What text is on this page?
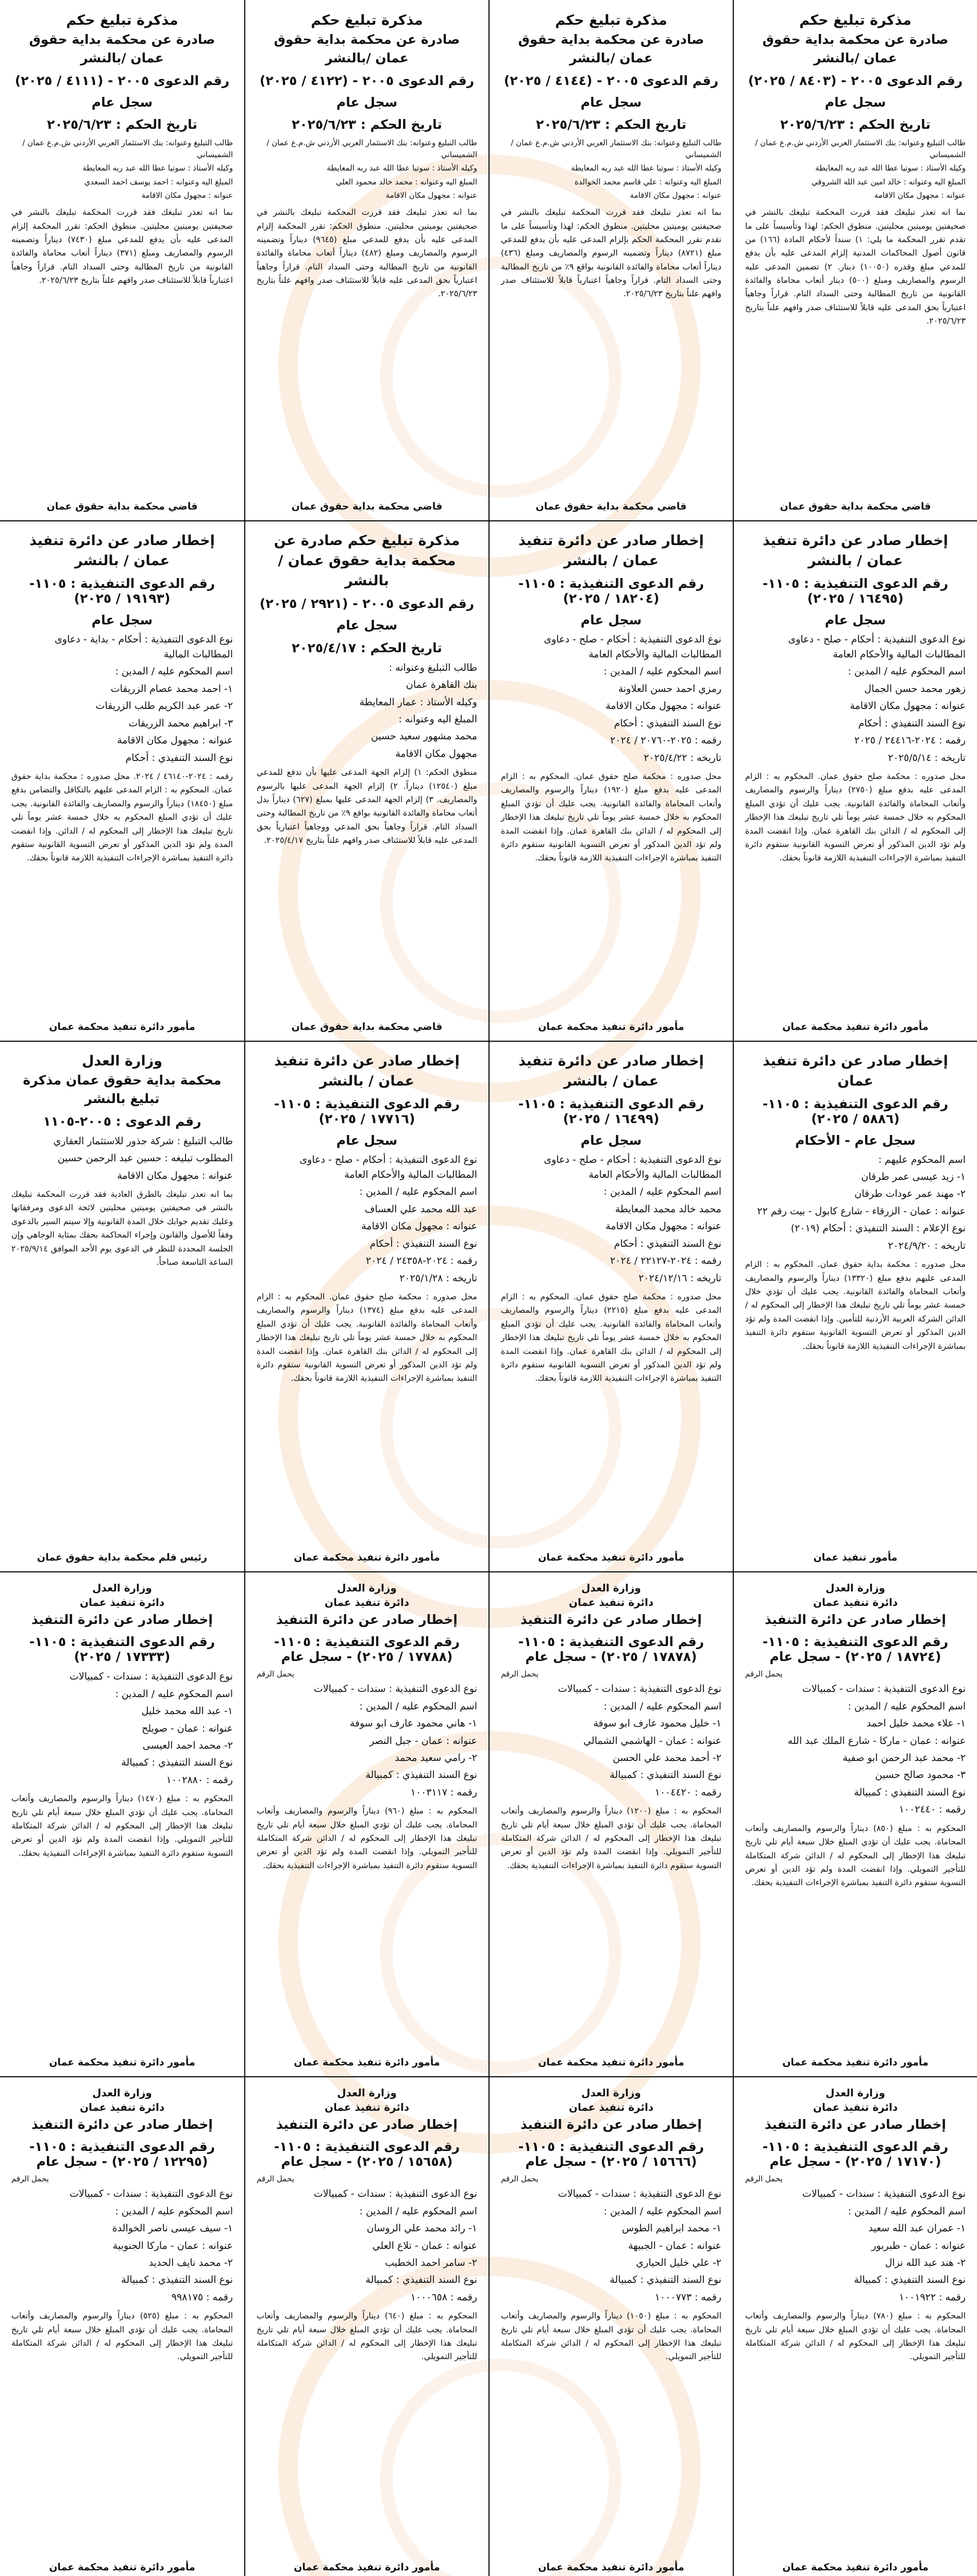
مذكرة تبليغ حكم
صادرة عن محكمة بداية حقوق عمان /بالنشر
رقم الدعوى ٢٠٠٥ - (٨٤٠٣ / ٢٠٢٥)
سجل عام
تاريخ الحكم : ٢٠٢٥/٦/٢٣
طالب التبليغ وعنوانه: بنك الاستثمار العربي الأردني ش.م.ع عمان / الشميساني
وكيله الأستاذ : سوتيا عطا الله عبد ربه المعايطة
المبلغ اليه وعنوانه : خالد امين عبد الله الشروقي
عنوانه : مجهول مكان الاقامة
بما انه تعذر تبليغك فقد قررت المحكمة تبليغك بالنشر في صحيفتين يوميتين محليتين. منطوق الحكم: لهذا وتأسيساً على ما تقدم تقرر المحكمة ما يلي: ١) سنداً لأحكام المادة (١٦٦) من قانون أصول المحاكمات المدنية إلزام المدعى عليه بأن يدفع للمدعي مبلغ وقدره (١٠٠٥٠) دينار. ٢) تضمين المدعى عليه الرسوم والمصاريف ومبلغ (٥٠٠) دينار أتعاب محاماة والفائدة القانونية من تاريخ المطالبة وحتى السداد التام. قراراً وجاهياً اعتبارياً بحق المدعى عليه قابلاً للاستئناف صدر وافهم علناً بتاريخ ٢٠٢٥/٦/٢٣.
قاضي محكمة بداية حقوق عمان
مذكرة تبليغ حكم
صادرة عن محكمة بداية حقوق عمان /بالنشر
رقم الدعوى ٢٠٠٥ - (٤١٤٤ / ٢٠٢٥)
سجل عام
تاريخ الحكم : ٢٠٢٥/٦/٢٣
طالب التبليغ وعنوانه: بنك الاستثمار العربي الأردني ش.م.ع عمان / الشميساني
وكيله الأستاذ : سوتيا عطا الله عبد ربه المعايطة
المبلغ اليه وعنوانه : علي قاسم محمد الخوالدة
عنوانه : مجهول مكان الاقامة
بما انه تعذر تبليغك فقد قررت المحكمة تبليغك بالنشر في صحيفتين يوميتين محليتين. منطوق الحكم: لهذا وتأسيساً على ما تقدم تقرر المحكمة الحكم بإلزام المدعى عليه بأن يدفع للمدعي مبلغ (٨٧٢١) ديناراً وتضمينه الرسوم والمصاريف ومبلغ (٤٣٦) ديناراً أتعاب محاماة والفائدة القانونية بواقع ٩٪ من تاريخ المطالبة وحتى السداد التام. قراراً وجاهياً اعتبارياً قابلاً للاستئناف صدر وافهم علناً بتاريخ ٢٠٢٥/٦/٢٣.
قاضي محكمة بداية حقوق عمان
مذكرة تبليغ حكم
صادرة عن محكمة بداية حقوق عمان /بالنشر
رقم الدعوى ٢٠٠٥ - (٤١٢٢ / ٢٠٢٥)
سجل عام
تاريخ الحكم : ٢٠٢٥/٦/٢٣
طالب التبليغ وعنوانه: بنك الاستثمار العربي الأردني ش.م.ع عمان / الشميساني
وكيله الأستاذ : سوتيا عطا الله عبد ربه المعايطة
المبلغ اليه وعنوانه : محمد خالد محمود العلي
عنوانه : مجهول مكان الاقامة
بما انه تعذر تبليغك فقد قررت المحكمة تبليغك بالنشر في صحيفتين يوميتين محليتين. منطوق الحكم: تقرر المحكمة إلزام المدعى عليه بأن يدفع للمدعي مبلغ (٩٦٤٥) ديناراً وتضمينه الرسوم والمصاريف ومبلغ (٤٨٢) ديناراً أتعاب محاماة والفائدة القانونية من تاريخ المطالبة وحتى السداد التام. قراراً وجاهياً اعتبارياً بحق المدعى عليه قابلاً للاستئناف صدر وافهم علناً بتاريخ ٢٠٢٥/٦/٢٣.
قاضي محكمة بداية حقوق عمان
مذكرة تبليغ حكم
صادرة عن محكمة بداية حقوق عمان /بالنشر
رقم الدعوى ٢٠٠٥ - (٤١١١ / ٢٠٢٥)
سجل عام
تاريخ الحكم : ٢٠٢٥/٦/٢٣
طالب التبليغ وعنوانه: بنك الاستثمار العربي الأردني ش.م.ع عمان / الشميساني
وكيله الأستاذ : سوتيا عطا الله عبد ربه المعايطة
المبلغ اليه وعنوانه : احمد يوسف احمد السعدي
عنوانه : مجهول مكان الاقامة
بما انه تعذر تبليغك فقد قررت المحكمة تبليغك بالنشر في صحيفتين يوميتين محليتين. منطوق الحكم: تقرر المحكمة إلزام المدعى عليه بأن يدفع للمدعي مبلغ (٧٤٣٠) ديناراً وتضمينه الرسوم والمصاريف ومبلغ (٣٧١) ديناراً أتعاب محاماة والفائدة القانونية من تاريخ المطالبة وحتى السداد التام. قراراً وجاهياً اعتبارياً قابلاً للاستئناف صدر وافهم علناً بتاريخ ٢٠٢٥/٦/٢٣.
قاضي محكمة بداية حقوق عمان
إخطار صادر عن دائرة تنفيذ عمان / بالنشر
رقم الدعوى التنفيذية : ١١٠٥-(١٦٤٩٥ / ٢٠٢٥)
سجل عام
نوع الدعوى التنفيذية : أحكام - صلح - دعاوى المطالبات المالية والأحكام العامة
اسم المحكوم عليه / المدين :
زهور محمد حسن الجمال
عنوانه : مجهول مكان الاقامة
نوع السند التنفيذي : أحكام
رقمه : ٢٠٢٤-٢٤٤١٦ / ٢٠٢٥
تاريخه : ٢٠٢٥/٥/١٤
محل صدوره : محكمة صلح حقوق عمان. المحكوم به : الزام المدعى عليه بدفع مبلغ (٢٧٥٠) ديناراً والرسوم والمصاريف وأتعاب المحاماة والفائدة القانونية. يجب عليك أن تؤدي المبلغ المحكوم به خلال خمسة عشر يوماً تلي تاريخ تبليغك هذا الإخطار إلى المحكوم له / الدائن بنك القاهرة عمان. وإذا انقضت المدة ولم تؤد الدين المذكور أو تعرض التسوية القانونية ستقوم دائرة التنفيذ بمباشرة الإجراءات التنفيذية اللازمة قانوناً بحقك.
مأمور دائرة تنفيذ محكمة عمان
إخطار صادر عن دائرة تنفيذ عمان / بالنشر
رقم الدعوى التنفيذية : ١١٠٥-(١٨٢٠٤ / ٢٠٢٥)
سجل عام
نوع الدعوى التنفيذية : أحكام - صلح - دعاوى المطالبات المالية والأحكام العامة
اسم المحكوم عليه / المدين :
رمزي احمد حسن العلاونة
عنوانه : مجهول مكان الاقامة
نوع السند التنفيذي : أحكام
رقمه : ٢٠٢٥-٢٠٧٦٠ / ٢٠٢٤
تاريخه : ٢٠٢٥/٤/٢٢
محل صدوره : محكمة صلح حقوق عمان. المحكوم به : الزام المدعى عليه بدفع مبلغ (١٩٢٠) ديناراً والرسوم والمصاريف وأتعاب المحاماة والفائدة القانونية. يجب عليك أن تؤدي المبلغ المحكوم به خلال خمسة عشر يوماً تلي تاريخ تبليغك هذا الإخطار إلى المحكوم له / الدائن بنك القاهرة عمان. وإذا انقضت المدة ولم تؤد الدين المذكور أو تعرض التسوية القانونية ستقوم دائرة التنفيذ بمباشرة الإجراءات التنفيذية اللازمة قانوناً بحقك.
مأمور دائرة تنفيذ محكمة عمان
مذكرة تبليغ حكم صادرة عن محكمة بداية حقوق عمان /بالنشر
رقم الدعوى ٢٠٠٥ - (٢٩٢١ / ٢٠٢٥)
سجل عام
تاريخ الحكم : ٢٠٢٥/٤/١٧
طالب التبليغ وعنوانه :
بنك القاهرة عمان
وكيله الأستاذ : عمار المعايطة
المبلغ اليه وعنوانه :
محمد مشهور سعيد حسين
مجهول مكان الاقامة
منطوق الحكم: ١) إلزام الجهة المدعى عليها بأن تدفع للمدعي مبلغ (١٢٥٤٠) ديناراً. ٢) إلزام الجهة المدعى عليها بالرسوم والمصاريف. ٣) إلزام الجهة المدعى عليها بمبلغ (٦٢٧) ديناراً بدل أتعاب محاماة والفائدة القانونية بواقع ٩٪ من تاريخ المطالبة وحتى السداد التام. قراراً وجاهياً بحق المدعي ووجاهياً اعتبارياً بحق المدعى عليه قابلاً للاستئناف صدر وافهم علناً بتاريخ ٢٠٢٥/٤/١٧.
قاضي محكمة بداية حقوق عمان
إخطار صادر عن دائرة تنفيذ عمان / بالنشر
رقم الدعوى التنفيذية : ١١٠٥-(١٩١٩٣ / ٢٠٢٥)
سجل عام
نوع الدعوى التنفيذية : أحكام - بداية - دعاوى المطالبات المالية
اسم المحكوم عليه / المدين :
١- احمد محمد عصام الزريقات
٢- عمر عبد الكريم طلب الزريقات
٣- ابراهيم محمد الزريقات
عنوانه : مجهول مكان الاقامة
نوع السند التنفيذي : أحكام
رقمه : ٢٠٢٤-٤٦١٤٠ / ٢٠٢٤. محل صدوره : محكمة بداية حقوق عمان. المحكوم به : الزام المدعى عليهم بالتكافل والتضامن بدفع مبلغ (١٨٤٥٠) ديناراً والرسوم والمصاريف والفائدة القانونية. يجب عليك أن تؤدي المبلغ المحكوم به خلال خمسة عشر يوماً تلي تاريخ تبليغك هذا الإخطار إلى المحكوم له / الدائن. وإذا انقضت المدة ولم تؤد الدين المذكور أو تعرض التسوية القانونية ستقوم دائرة التنفيذ بمباشرة الإجراءات التنفيذية اللازمة قانوناً بحقك.
مأمور دائرة تنفيذ محكمة عمان
إخطار صادر عن دائرة تنفيذ عمان
رقم الدعوى التنفيذية : ١١٠٥-(٥٨٨٦ / ٢٠٢٥)
سجل عام - الأحكام
اسم المحكوم عليهم :
١- زيد عيسى عمر طرقان
٢- مهند عمر عودات طرقان
عنوانه : عمان - الزرقاء - شارع كابول - بيت رقم ٢٢
نوع الإعلام : السند التنفيذي : أحكام (٢٠١٩)
تاريخه : ٢٠٢٤/٩/٢٠
محل صدوره : محكمة بداية حقوق عمان. المحكوم به : الزام المدعى عليهم بدفع مبلغ (١٣٣٢٠) ديناراً والرسوم والمصاريف وأتعاب المحاماة والفائدة القانونية. يجب عليك أن تؤدي خلال خمسة عشر يوماً تلي تاريخ تبليغك هذا الإخطار إلى المحكوم له / الدائن الشركة العربية الأردنية للتأمين. وإذا انقضت المدة ولم تؤد الدين المذكور أو تعرض التسوية القانونية ستقوم دائرة التنفيذ بمباشرة الإجراءات التنفيذية اللازمة قانوناً بحقك.
مأمور تنفيذ عمان
إخطار صادر عن دائرة تنفيذ عمان / بالنشر
رقم الدعوى التنفيذية : ١١٠٥-(١٦٤٩٩ / ٢٠٢٥)
سجل عام
نوع الدعوى التنفيذية : أحكام - صلح - دعاوى المطالبات المالية والأحكام العامة
اسم المحكوم عليه / المدين :
محمد خالد محمد المعايطة
عنوانه : مجهول مكان الاقامة
نوع السند التنفيذي : أحكام
رقمه : ٢٠٢٤-٢٢١٢٧ / ٢٠٢٤
تاريخه : ٢٠٢٤/١٢/١٦
محل صدوره : محكمة صلح حقوق عمان. المحكوم به : الزام المدعى عليه بدفع مبلغ (٢٢١٥) ديناراً والرسوم والمصاريف وأتعاب المحاماة والفائدة القانونية. يجب عليك أن تؤدي المبلغ المحكوم به خلال خمسة عشر يوماً تلي تاريخ تبليغك هذا الإخطار إلى المحكوم له / الدائن بنك القاهرة عمان. وإذا انقضت المدة ولم تؤد الدين المذكور أو تعرض التسوية القانونية ستقوم دائرة التنفيذ بمباشرة الإجراءات التنفيذية اللازمة قانوناً بحقك.
مأمور دائرة تنفيذ محكمة عمان
إخطار صادر عن دائرة تنفيذ عمان / بالنشر
رقم الدعوى التنفيذية : ١١٠٥-(١٧٧١٦ / ٢٠٢٥)
سجل عام
نوع الدعوى التنفيذية : أحكام - صلح - دعاوى المطالبات المالية والأحكام العامة
اسم المحكوم عليه / المدين :
عبد الله محمد علي العساف
عنوانه : مجهول مكان الاقامة
نوع السند التنفيذي : أحكام
رقمه : ٢٠٢٤-٢٤٣٥٨ / ٢٠٢٤
تاريخه : ٢٠٢٥/١/٢٨
محل صدوره : محكمة صلح حقوق عمان. المحكوم به : الزام المدعى عليه بدفع مبلغ (١٣٧٤) ديناراً والرسوم والمصاريف وأتعاب المحاماة والفائدة القانونية. يجب عليك أن تؤدي المبلغ المحكوم به خلال خمسة عشر يوماً تلي تاريخ تبليغك هذا الإخطار إلى المحكوم له / الدائن بنك القاهرة عمان. وإذا انقضت المدة ولم تؤد الدين المذكور أو تعرض التسوية القانونية ستقوم دائرة التنفيذ بمباشرة الإجراءات التنفيذية اللازمة قانوناً بحقك.
مأمور دائرة تنفيذ محكمة عمان
وزارة العدل
محكمة بداية حقوق عمان مذكرة تبليغ بالنشر
رقم الدعوى : ٢٠٠٥-١١٠٥
طالب التبليغ : شركة جذور للاستثمار العقاري
المطلوب تبليغه : حسين عبد الرحمن حسين
عنوانه : مجهول مكان الاقامة
بما انه تعذر تبليغك بالطرق العادية فقد قررت المحكمة تبليغك بالنشر في صحيفتين يوميتين محليتين لائحة الدعوى ومرفقاتها وعليك تقديم جوابك خلال المدة القانونية وإلا سيتم السير بالدعوى وفقاً للأصول والقانون وإجراء المحاكمة بحقك بمثابة الوجاهي وإن الجلسة المحددة للنظر في الدعوى يوم الأحد الموافق ٢٠٢٥/٩/١٤ الساعة التاسعة صباحاً.
رئيس قلم محكمة بداية حقوق عمان
وزارة العدل
دائرة تنفيذ عمان
إخطار صادر عن دائرة التنفيذ
رقم الدعوى التنفيذية : ١١٠٥-(١٨٧٢٤ / ٢٠٢٥) - سجل عام
يحمل الرقم
نوع الدعوى التنفيذية : سندات - كمبيالات
اسم المحكوم عليه / المدين :
١- علاء محمد خليل احمد
عنوانه : عمان - ماركا - شارع الملك عبد الله
٢- محمد عبد الرحمن ابو صفية
٣- محمود صالح حسين
نوع السند التنفيذي : كمبيالة
رقمه : ١٠٠٢٤٤٠
المحكوم به : مبلغ (٨٥٠) ديناراً والرسوم والمصاريف وأتعاب المحاماة. يجب عليك أن تؤدي المبلغ خلال سبعة أيام تلي تاريخ تبليغك هذا الإخطار إلى المحكوم له / الدائن شركة المتكاملة للتأجير التمويلي. وإذا انقضت المدة ولم تؤد الدين أو تعرض التسوية ستقوم دائرة التنفيذ بمباشرة الإجراءات التنفيذية بحقك.
مأمور دائرة تنفيذ محكمة عمان
وزارة العدل
دائرة تنفيذ عمان
إخطار صادر عن دائرة التنفيذ
رقم الدعوى التنفيذية : ١١٠٥-(١٧٨٧٨ / ٢٠٢٥) - سجل عام
يحمل الرقم
نوع الدعوى التنفيذية : سندات - كمبيالات
اسم المحكوم عليه / المدين :
١- خليل محمود عارف ابو سوفة
عنوانه : عمان - الهاشمي الشمالي
٢- أحمد محمد علي الحسن
نوع السند التنفيذي : كمبيالة
رقمه : ١٠٠٤٤٢٠
المحكوم به : مبلغ (١٢٠٠) ديناراً والرسوم والمصاريف وأتعاب المحاماة. يجب عليك أن تؤدي المبلغ خلال سبعة أيام تلي تاريخ تبليغك هذا الإخطار إلى المحكوم له / الدائن شركة المتكاملة للتأجير التمويلي. وإذا انقضت المدة ولم تؤد الدين أو تعرض التسوية ستقوم دائرة التنفيذ بمباشرة الإجراءات التنفيذية بحقك.
مأمور دائرة تنفيذ محكمة عمان
وزارة العدل
دائرة تنفيذ عمان
إخطار صادر عن دائرة التنفيذ
رقم الدعوى التنفيذية : ١١٠٥-(١٧٧٨٨ / ٢٠٢٥) - سجل عام
يحمل الرقم
نوع الدعوى التنفيذية : سندات - كمبيالات
اسم المحكوم عليه / المدين :
١- هاني محمود عارف ابو سوفة
عنوانه : عمان - جبل النصر
٢- رامي سعيد محمد
نوع السند التنفيذي : كمبيالة
رقمه : ١٠٠٣١١٧
المحكوم به : مبلغ (٩٦٠) ديناراً والرسوم والمصاريف وأتعاب المحاماة. يجب عليك أن تؤدي المبلغ خلال سبعة أيام تلي تاريخ تبليغك هذا الإخطار إلى المحكوم له / الدائن شركة المتكاملة للتأجير التمويلي. وإذا انقضت المدة ولم تؤد الدين أو تعرض التسوية ستقوم دائرة التنفيذ بمباشرة الإجراءات التنفيذية بحقك.
مأمور دائرة تنفيذ محكمة عمان
وزارة العدل
دائرة تنفيذ عمان
إخطار صادر عن دائرة التنفيذ
رقم الدعوى التنفيذية : ١١٠٥-(١٧٣٣٣ / ٢٠٢٥)
نوع الدعوى التنفيذية : سندات - كمبيالات
اسم المحكوم عليه / المدين :
١- عبد الله محمد خليل
عنوانه : عمان - صويلح
٢- محمد احمد العيسى
نوع السند التنفيذي : كمبيالة
رقمه : ١٠٠٢٨٨٠
المحكوم به : مبلغ (١٤٧٠) ديناراً والرسوم والمصاريف وأتعاب المحاماة. يجب عليك أن تؤدي المبلغ خلال سبعة أيام تلي تاريخ تبليغك هذا الإخطار إلى المحكوم له / الدائن شركة المتكاملة للتأجير التمويلي. وإذا انقضت المدة ولم تؤد الدين أو تعرض التسوية ستقوم دائرة التنفيذ بمباشرة الإجراءات التنفيذية بحقك.
مأمور دائرة تنفيذ محكمة عمان
وزارة العدل
دائرة تنفيذ عمان
إخطار صادر عن دائرة التنفيذ
رقم الدعوى التنفيذية : ١١٠٥-(١٧١٧٠ / ٢٠٢٥) - سجل عام
يحمل الرقم
نوع الدعوى التنفيذية : سندات - كمبيالات
اسم المحكوم عليه / المدين :
١- عمران عبد الله سعيد
عنوانه : عمان - طبربور
٢- هند عبد الله نزال
نوع السند التنفيذي : كمبيالة
رقمه : ١٠٠١٩٢٢
المحكوم به : مبلغ (٧٨٠) ديناراً والرسوم والمصاريف وأتعاب المحاماة. يجب عليك أن تؤدي المبلغ خلال سبعة أيام تلي تاريخ تبليغك هذا الإخطار إلى المحكوم له / الدائن شركة المتكاملة للتأجير التمويلي.
مأمور دائرة تنفيذ محكمة عمان
وزارة العدل
دائرة تنفيذ عمان
إخطار صادر عن دائرة التنفيذ
رقم الدعوى التنفيذية : ١١٠٥-(١٥٦٦٦ / ٢٠٢٥) - سجل عام
يحمل الرقم
نوع الدعوى التنفيذية : سندات - كمبيالات
اسم المحكوم عليه / المدين :
١- محمد ابراهيم الطوس
عنوانه : عمان - الجبيهة
٢- علي خليل الحياري
نوع السند التنفيذي : كمبيالة
رقمه : ١٠٠٠٧٧٣
المحكوم به : مبلغ (١٠٥٠) ديناراً والرسوم والمصاريف وأتعاب المحاماة. يجب عليك أن تؤدي المبلغ خلال سبعة أيام تلي تاريخ تبليغك هذا الإخطار إلى المحكوم له / الدائن شركة المتكاملة للتأجير التمويلي.
مأمور دائرة تنفيذ محكمة عمان
وزارة العدل
دائرة تنفيذ عمان
إخطار صادر عن دائرة التنفيذ
رقم الدعوى التنفيذية : ١١٠٥-(١٥٦٥٨ / ٢٠٢٥) - سجل عام
يحمل الرقم
نوع الدعوى التنفيذية : سندات - كمبيالات
اسم المحكوم عليه / المدين :
١- رائد محمد علي الروسان
عنوانه : عمان - تلاع العلي
٢- سامر احمد الخطيب
نوع السند التنفيذي : كمبيالة
رقمه : ١٠٠٠٦٥٨
المحكوم به : مبلغ (٦٤٠) ديناراً والرسوم والمصاريف وأتعاب المحاماة. يجب عليك أن تؤدي المبلغ خلال سبعة أيام تلي تاريخ تبليغك هذا الإخطار إلى المحكوم له / الدائن شركة المتكاملة للتأجير التمويلي.
مأمور دائرة تنفيذ محكمة عمان
وزارة العدل
دائرة تنفيذ عمان
إخطار صادر عن دائرة التنفيذ
رقم الدعوى التنفيذية : ١١٠٥-(١٢٢٩٥ / ٢٠٢٥) - سجل عام
يحمل الرقم
نوع الدعوى التنفيذية : سندات - كمبيالات
اسم المحكوم عليه / المدين :
١- سيف عيسى ناصر الخوالدة
عنوانه : عمان - ماركا الجنوبية
٢- محمد نايف الحديد
نوع السند التنفيذي : كمبيالة
رقمه : ٩٩٨١٧٥
المحكوم به : مبلغ (٥٢٥) ديناراً والرسوم والمصاريف وأتعاب المحاماة. يجب عليك أن تؤدي المبلغ خلال سبعة أيام تلي تاريخ تبليغك هذا الإخطار إلى المحكوم له / الدائن شركة المتكاملة للتأجير التمويلي.
مأمور دائرة تنفيذ محكمة عمان
